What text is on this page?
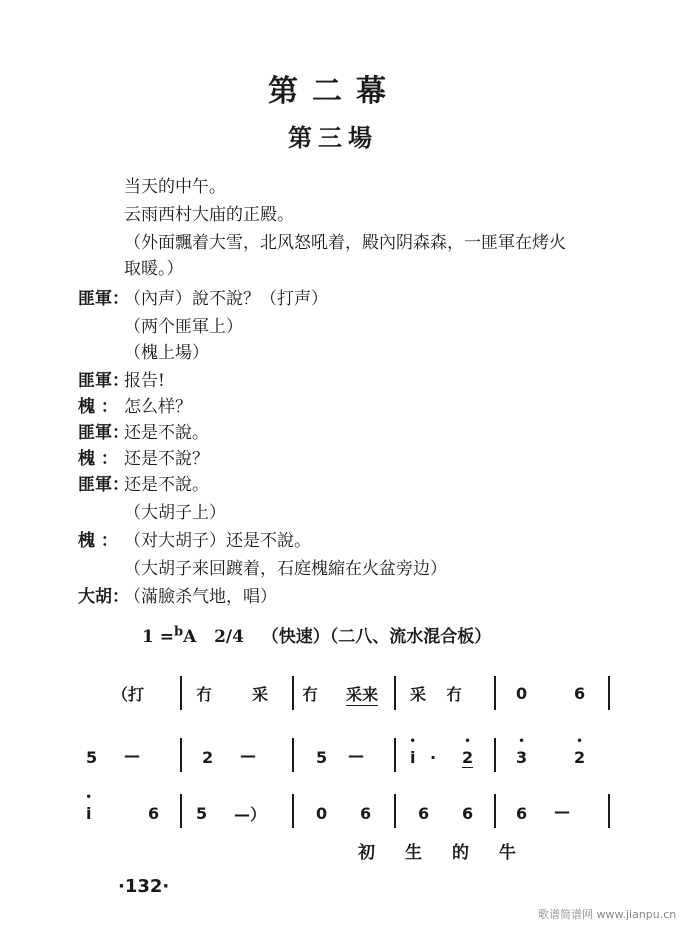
第二幕
第三場
当天的中午。
云雨西村大庙的正殿。
（外面飄着大雪，北风怒吼着，殿內阴森森，一匪軍在烤火
取暖。）
匪軍：
（內声）說不說？（打声）
（两个匪軍上）
（槐上場）
匪軍：
报告!
槐 ： 怎么样？
匪軍：
还是不說。
槐 ： 还是不說？
匪軍：
还是不說。
（大胡子上）
槐 ： （对大胡子）还是不說。
（大胡子来回踱着，石庭槐縮在火盆旁边）
大胡：
（滿臉杀气地，唱）
1 =$^b$A 2/4 （快速）（二八、流水混合板）
（打	冇 采 冇 采来 采 冇	0	6
5 —	2 —	5 —	• i · • 2	• 3	• 2
• i	6 5 —）	0 6	6 6	6 —
初生的牛
·132·
歌谱简谱网 www.jianpu.cn
